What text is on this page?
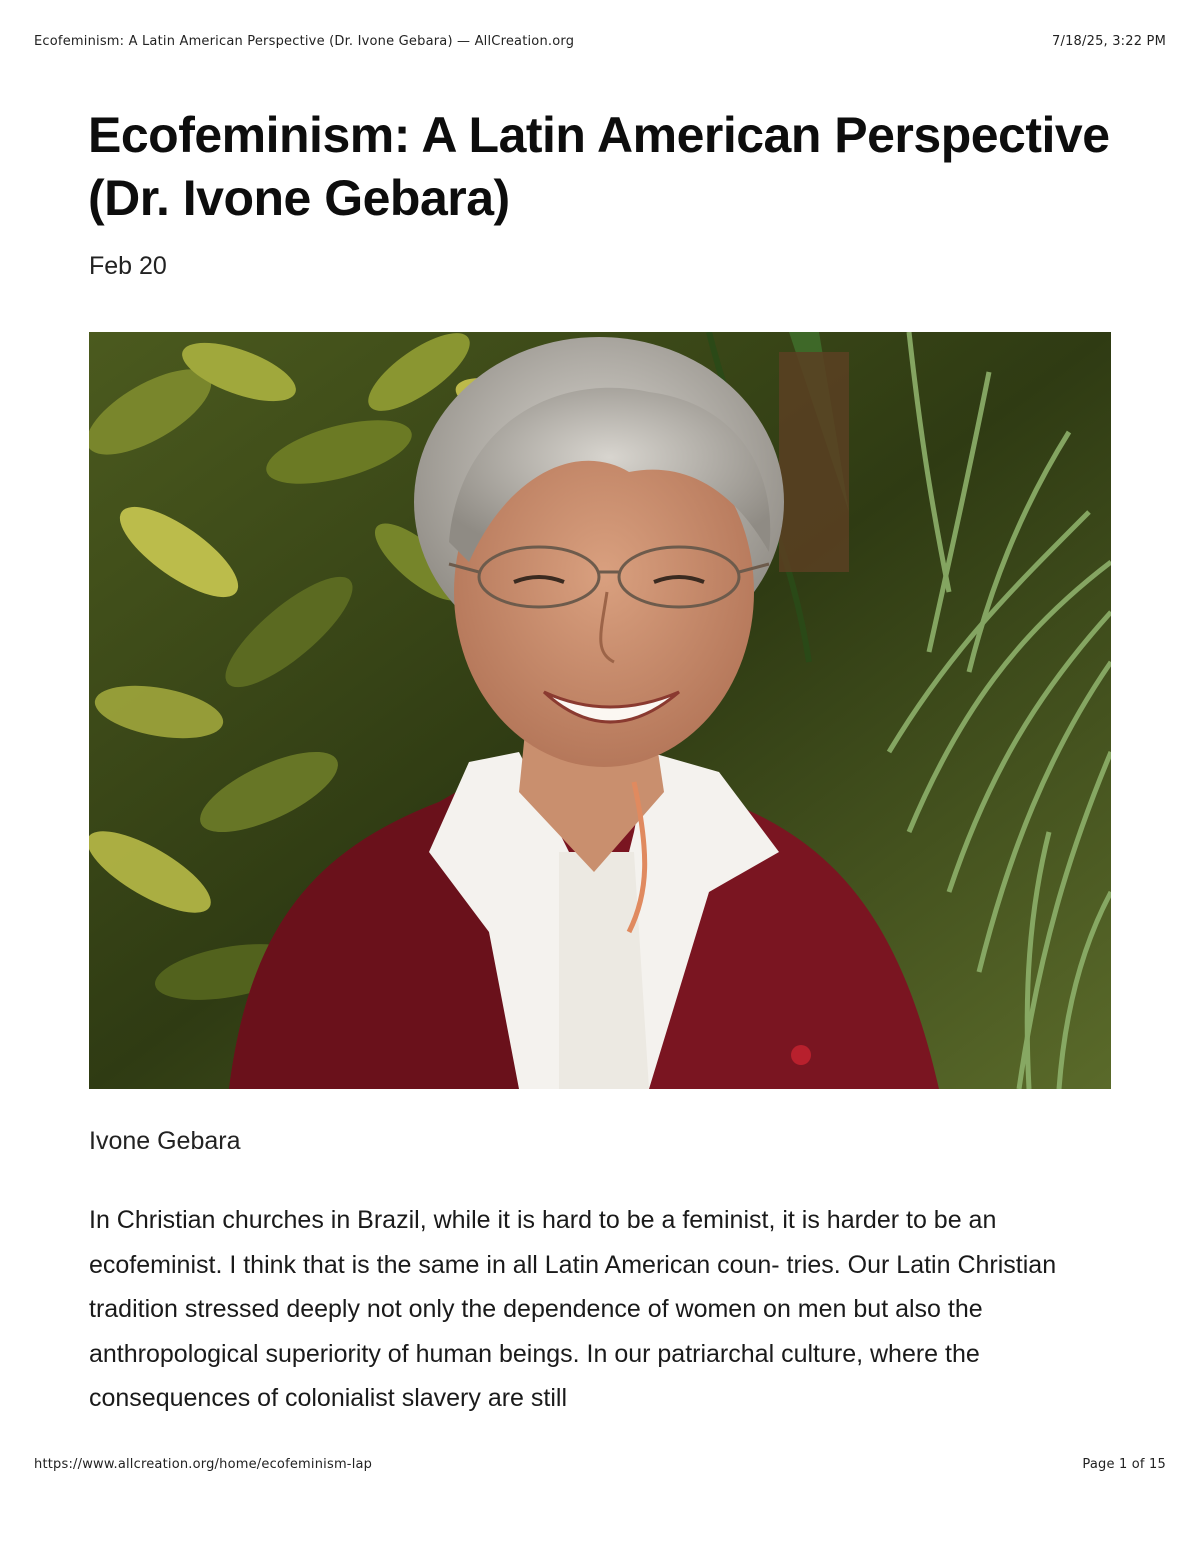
Ecofeminism: A Latin American Perspective (Dr. Ivone Gebara) — AllCreation.org	7/18/25, 3:22 PM
Ecofeminism: A Latin American Perspective (Dr. Ivone Gebara)
Feb 20
Ivone Gebara

In Christian churches in Brazil, while it is hard to be a feminist, it is harder to be an ecofeminist. I think that is the same in all Latin American coun- tries. Our Latin Christian tradition stressed deeply not only the dependence of women on men but also the anthropological superiority of human beings. In our patriarchal culture, where the consequences of colonialist slavery are still

https://www.allcreation.org/home/ecofeminism-lap	Page 1 of 15
